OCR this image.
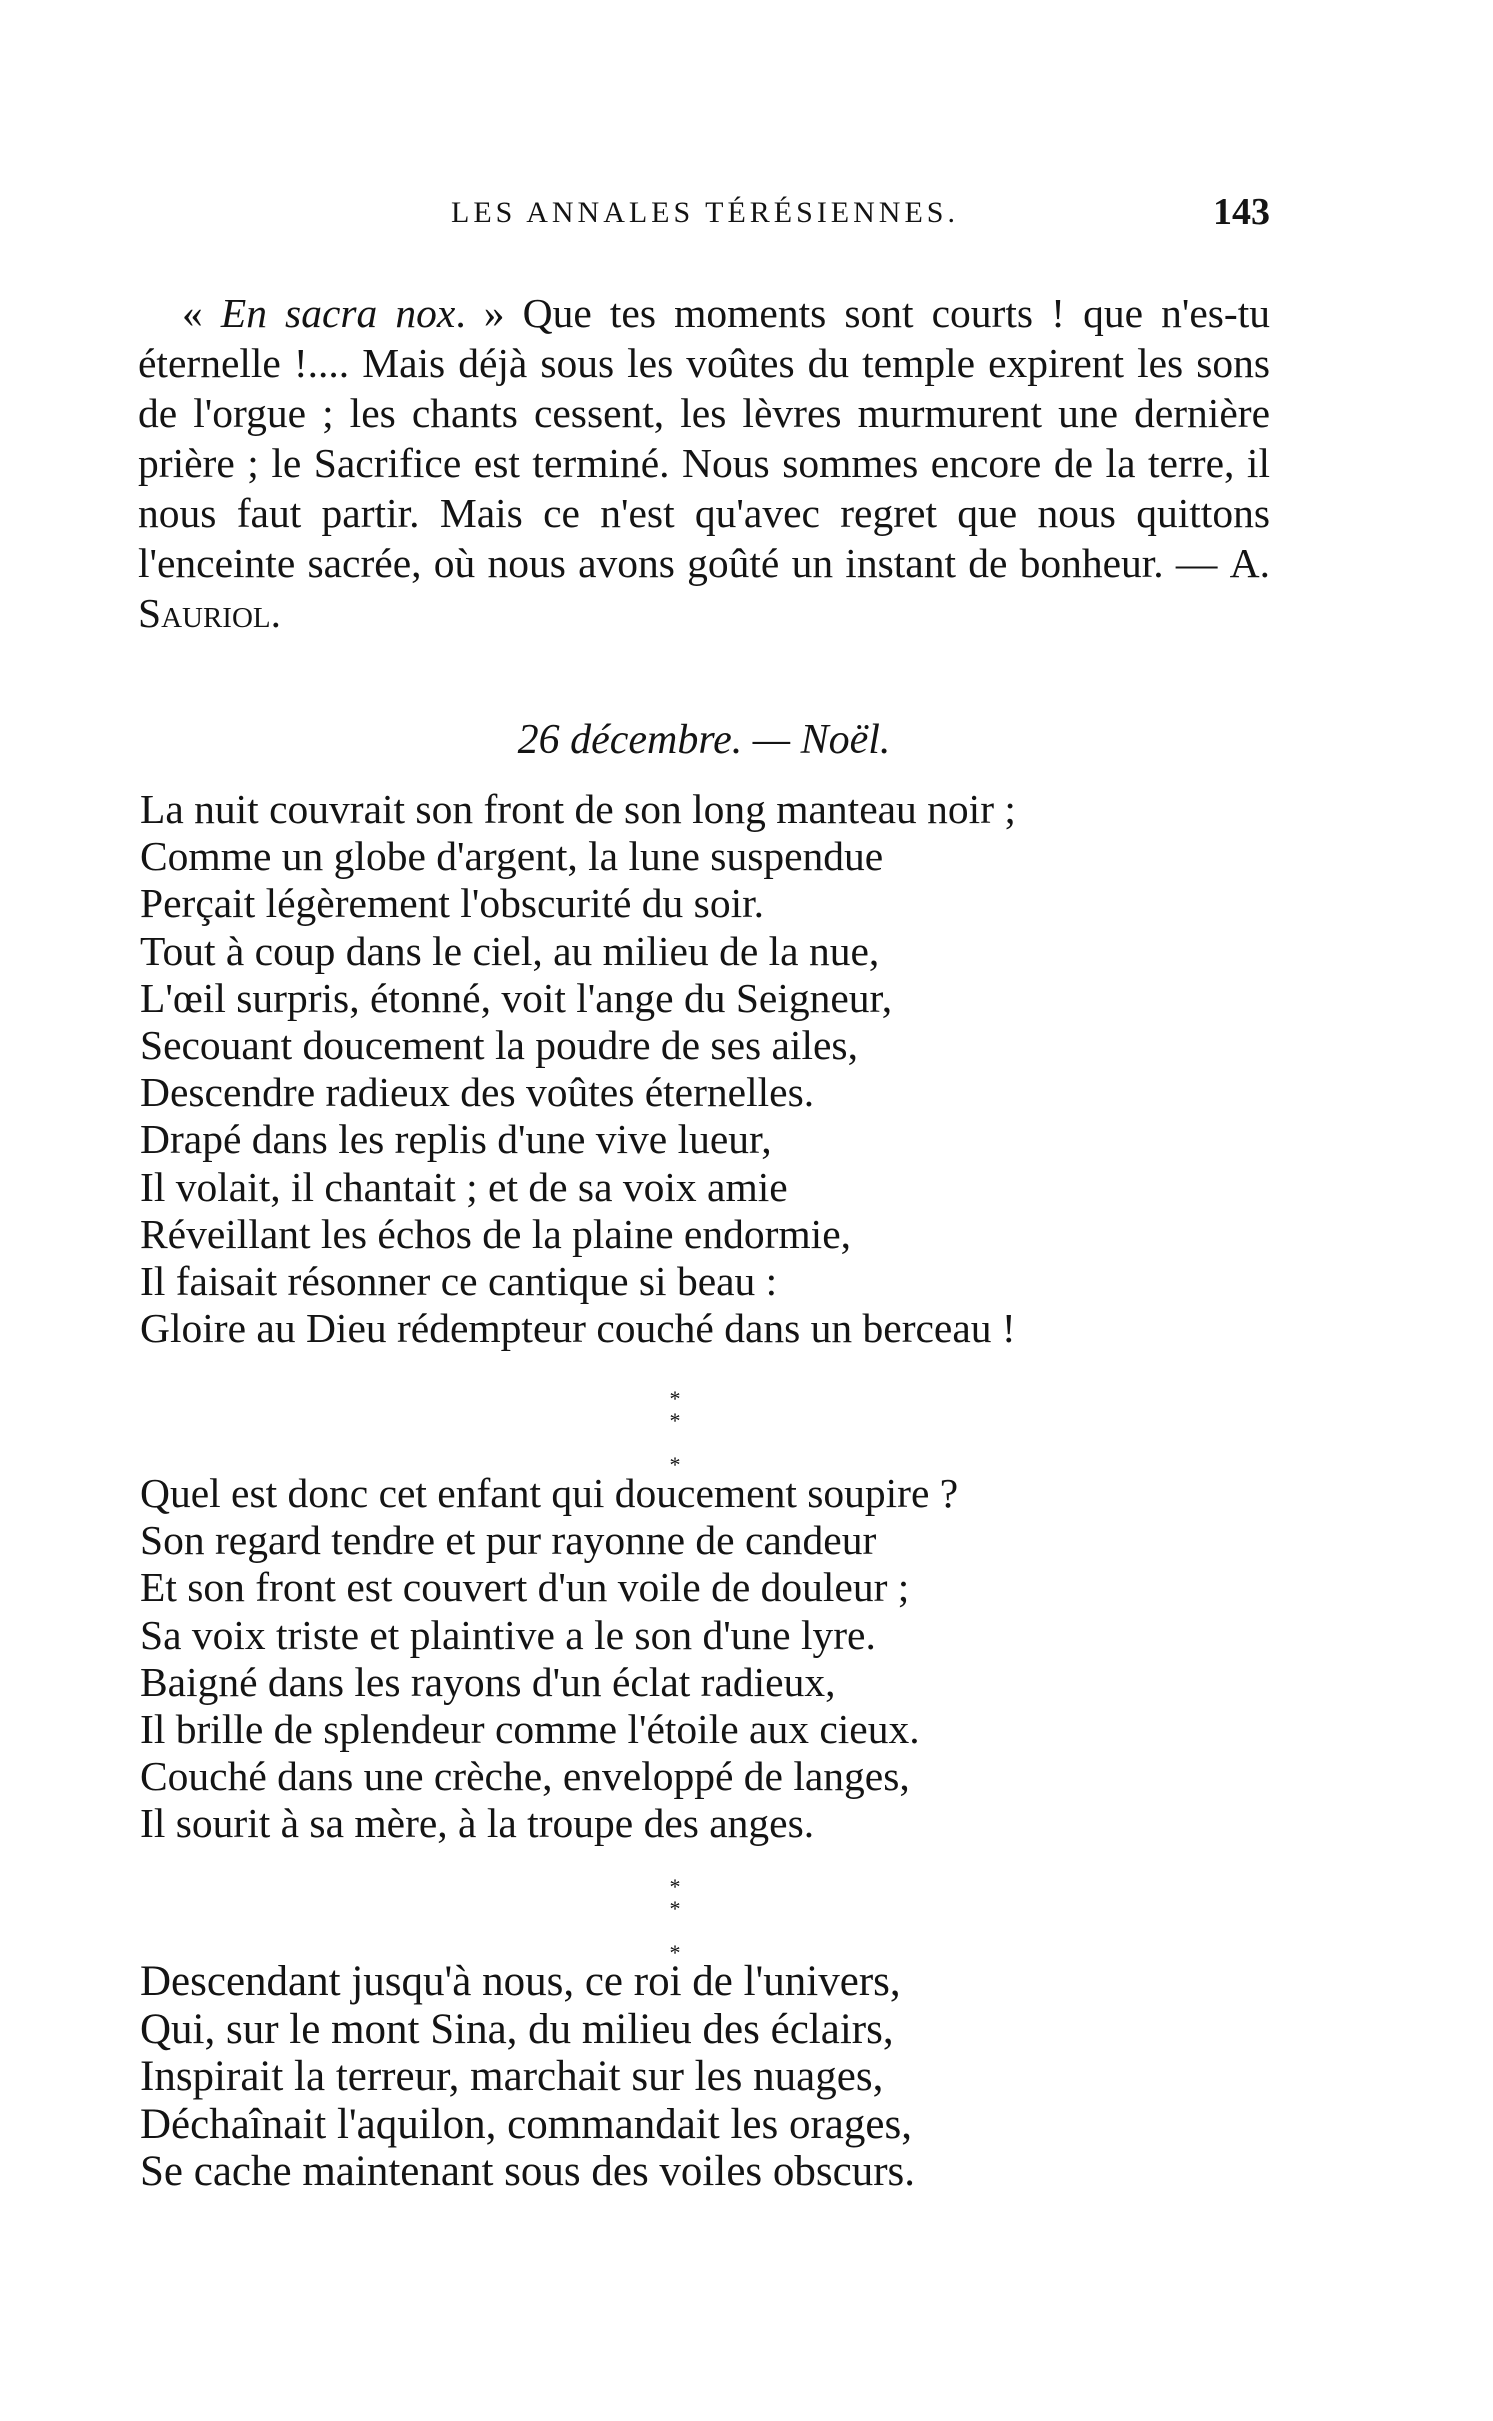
LES ANNALES TÉRÉSIENNES.	143

« En sacra nox. » Que tes moments sont courts ! que n'es-tu éternelle !.... Mais déjà sous les voûtes du temple expirent les sons de l'orgue ; les chants cessent, les lèvres murmurent une dernière prière ; le Sacrifice est terminé. Nous sommes encore de la terre, il nous faut partir. Mais ce n'est qu'avec regret que nous quittons l'enceinte sacrée, où nous avons goûté un instant de bonheur. — A. Sauriol.

26 décembre. — Noël.
La nuit couvrait son front de son long manteau noir ;
Comme un globe d'argent, la lune suspendue
Perçait légèrement l'obscurité du soir.
Tout à coup dans le ciel, au milieu de la nue,
L'œil surpris, étonné, voit l'ange du Seigneur,
Secouant doucement la poudre de ses ailes,
Descendre radieux des voûtes éternelles.
Drapé dans les replis d'une vive lueur,
Il volait, il chantait ; et de sa voix amie
Réveillant les échos de la plaine endormie,
Il faisait résonner ce cantique si beau :
Gloire au Dieu rédempteur couché dans un berceau !
*
*

*
Quel est donc cet enfant qui doucement soupire ?
Son regard tendre et pur rayonne de candeur
Et son front est couvert d'un voile de douleur ;
Sa voix triste et plaintive a le son d'une lyre.
Baigné dans les rayons d'un éclat radieux,
Il brille de splendeur comme l'étoile aux cieux.
Couché dans une crèche, enveloppé de langes,
Il sourit à sa mère, à la troupe des anges.
*
*

*
Descendant jusqu'à nous, ce roi de l'univers,
Qui, sur le mont Sina, du milieu des éclairs,
Inspirait la terreur, marchait sur les nuages,
Déchaînait l'aquilon, commandait les orages,
Se cache maintenant sous des voiles obscurs.
